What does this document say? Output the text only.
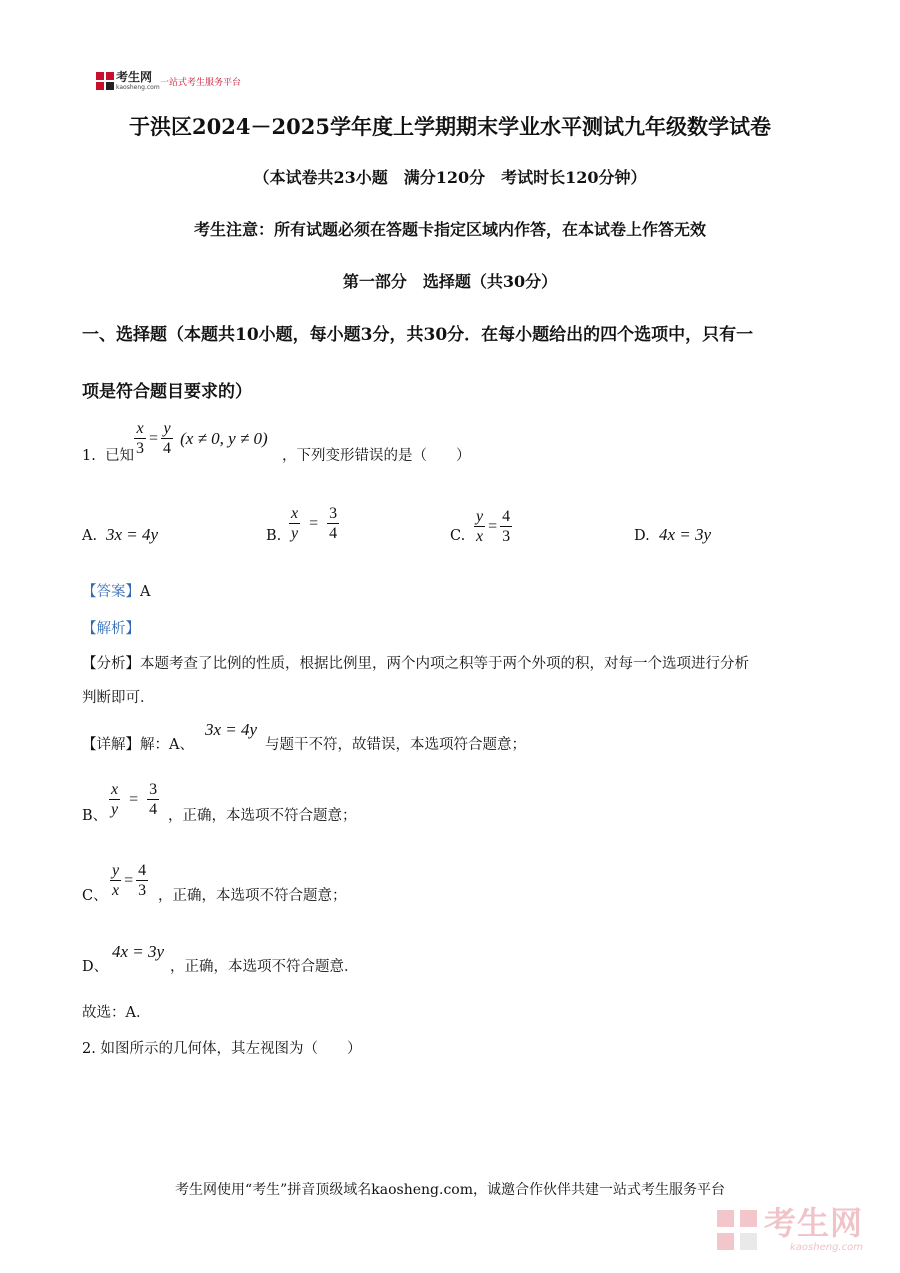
考生网
kaosheng.com 一站式考生服务平台
于洪区2024－2025学年度上学期期末学业水平测试九年级数学试卷
（本试卷共23小题　满分120分　考试时长120分钟）
考生注意：所有试题必须在答题卡指定区域内作答，在本试卷上作答无效
第一部分　选择题（共30分）
一、选择题（本题共10小题，每小题3分，共30分．在每小题给出的四个选项中，只有一
项是符合题目要求的）
1. 已知 $\frac{x}{3} = \frac{y}{4} (x \ne 0$, y ≠ 0)
，下列变形错误的是（　　）
A. 3x = 4y	B. $\frac{x}{y} = \frac{3}{4}$	C. $\frac{y}{x} = \frac{4}{3}$	D. 4x = 3y
【答案】A
【解析】
【分析】本题考查了比例的性质，根据比例里，两个内项之积等于两个外项的积，对每一个选项进行分析
判断即可．
【详解】解：A、
3x = 4y
与题干不符，故错误，本选项符合题意；
B、 $\frac{x}{y} = \frac{3}{4}$ ，正确，本选项不符合题意；
C、 $\frac{y}{x} = \frac{4}{3}$ ，正确，本选项不符合题意；
D、
4x = 3y
，正确，本选项不符合题意．
故选：A．
2. 如图所示的几何体，其左视图为（　　）
考生网使用“考生”拼音顶级域名kaosheng.com，诚邀合作伙伴共建一站式考生服务平台
考生网
kaosheng.com
